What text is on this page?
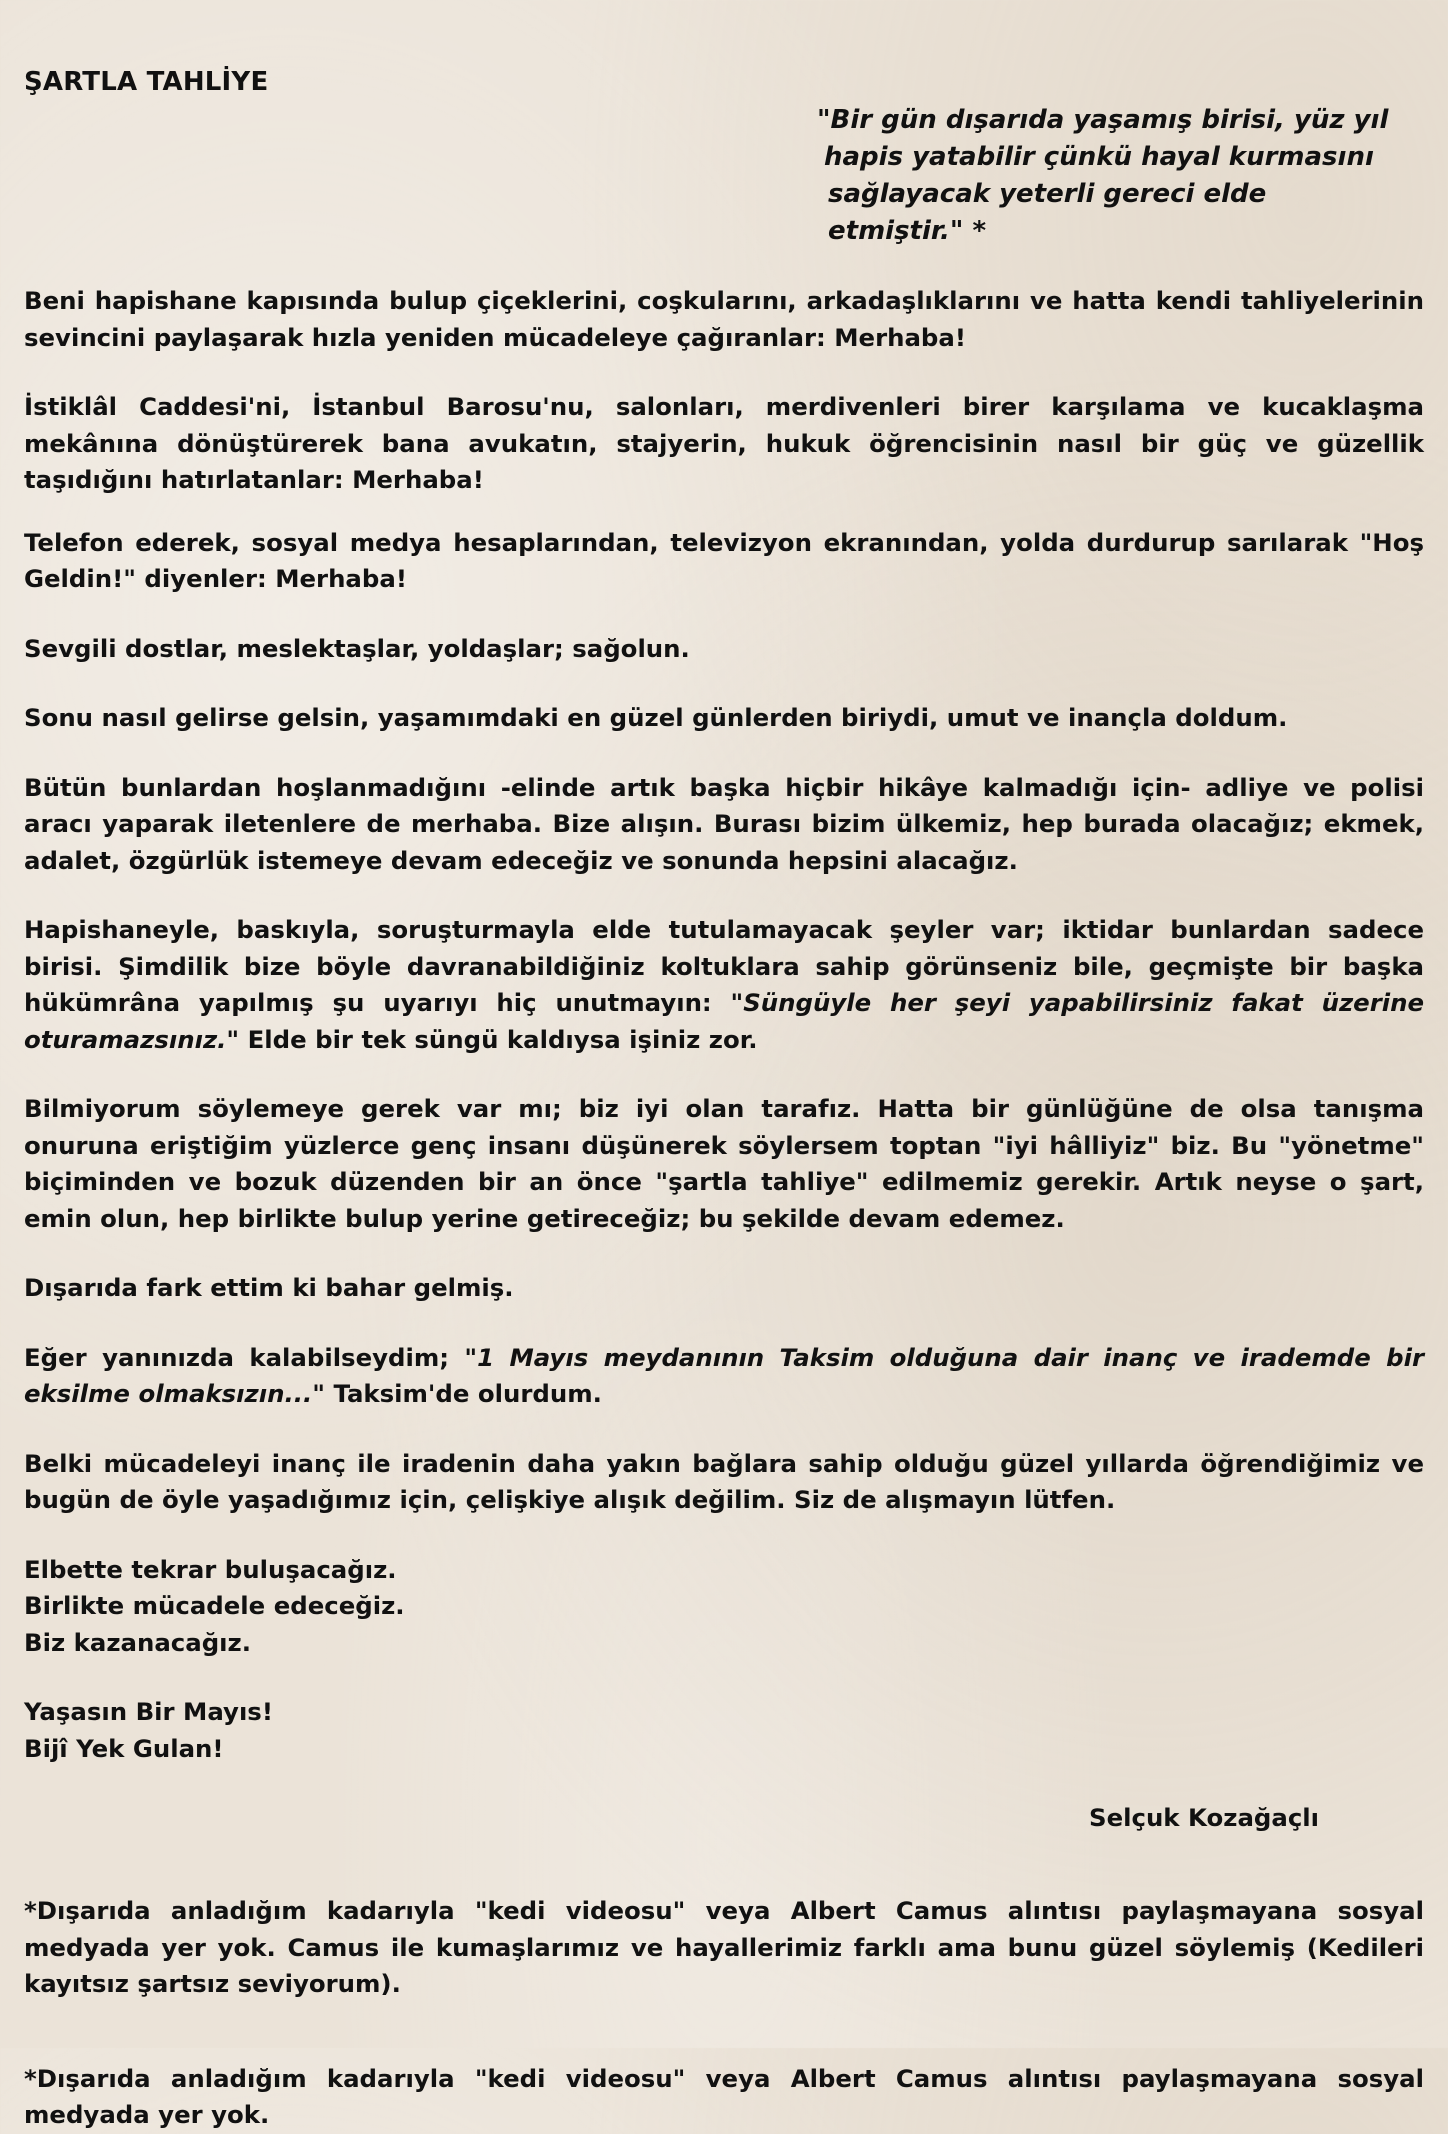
ŞARTLA TAHLİYE
"Bir gün dışarıda yaşamış birisi, yüz yıl
hapis yatabilir çünkü hayal kurmasını
sağlayacak yeterli gereci elde etmiştir." *

Beni hapishane kapısında bulup çiçeklerini, coşkularını, arkadaşlıklarını ve hatta kendi tahliyelerinin sevincini paylaşarak hızla yeniden mücadeleye çağıranlar: Merhaba!

İstiklâl Caddesi'ni, İstanbul Barosu'nu, salonları, merdivenleri birer karşılama ve kucaklaşma mekânına dönüştürerek bana avukatın, stajyerin, hukuk öğrencisinin nasıl bir güç ve güzellik taşıdığını hatırlatanlar: Merhaba!

Telefon ederek, sosyal medya hesaplarından, televizyon ekranından, yolda durdurup sarılarak "Hoş Geldin!" diyenler: Merhaba!

Sevgili dostlar, meslektaşlar, yoldaşlar; sağolun.

Sonu nasıl gelirse gelsin, yaşamımdaki en güzel günlerden biriydi, umut ve inançla doldum.

Bütün bunlardan hoşlanmadığını -elinde artık başka hiçbir hikâye kalmadığı için- adliye ve polisi aracı yaparak iletenlere de merhaba. Bize alışın. Burası bizim ülkemiz, hep burada olacağız; ekmek, adalet, özgürlük istemeye devam edeceğiz ve sonunda hepsini alacağız.

Hapishaneyle, baskıyla, soruşturmayla elde tutulamayacak şeyler var; iktidar bunlardan sadece birisi. Şimdilik bize böyle davranabildiğiniz koltuklara sahip görünseniz bile, geçmişte bir başka hükümrâna yapılmış şu uyarıyı hiç unutmayın: "Süngüyle her şeyi yapabilirsiniz fakat üzerine oturamazsınız." Elde bir tek süngü kaldıysa işiniz zor.

Bilmiyorum söylemeye gerek var mı; biz iyi olan tarafız. Hatta bir günlüğüne de olsa tanışma onuruna eriştiğim yüzlerce genç insanı düşünerek söylersem toptan "iyi hâlliyiz" biz. Bu "yönetme" biçiminden ve bozuk düzenden bir an önce "şartla tahliye" edilmemiz gerekir. Artık neyse o şart, emin olun, hep birlikte bulup yerine getireceğiz; bu şekilde devam edemez.

Dışarıda fark ettim ki bahar gelmiş.

Eğer yanınızda kalabilseydim; "1 Mayıs meydanının Taksim olduğuna dair inanç ve irademde bir eksilme olmaksızın..." Taksim'de olurdum.

Belki mücadeleyi inanç ile iradenin daha yakın bağlara sahip olduğu güzel yıllarda öğrendiğimiz ve bugün de öyle yaşadığımız için, çelişkiye alışık değilim. Siz de alışmayın lütfen.

Elbette tekrar buluşacağız.
Birlikte mücadele edeceğiz.
Biz kazanacağız.

Yaşasın Bir Mayıs!
Bijî Yek Gulan!

Selçuk Kozağaçlı

*Dışarıda anladığım kadarıyla "kedi videosu" veya Albert Camus alıntısı paylaşmayana sosyal medyada yer yok. Camus ile kumaşlarımız ve hayallerimiz farklı ama bunu güzel söylemiş (Kedileri kayıtsız şartsız seviyorum).

*Dışarıda anladığım kadarıyla "kedi videosu" veya Albert Camus alıntısı paylaşmayana sosyal medyada yer yok.
